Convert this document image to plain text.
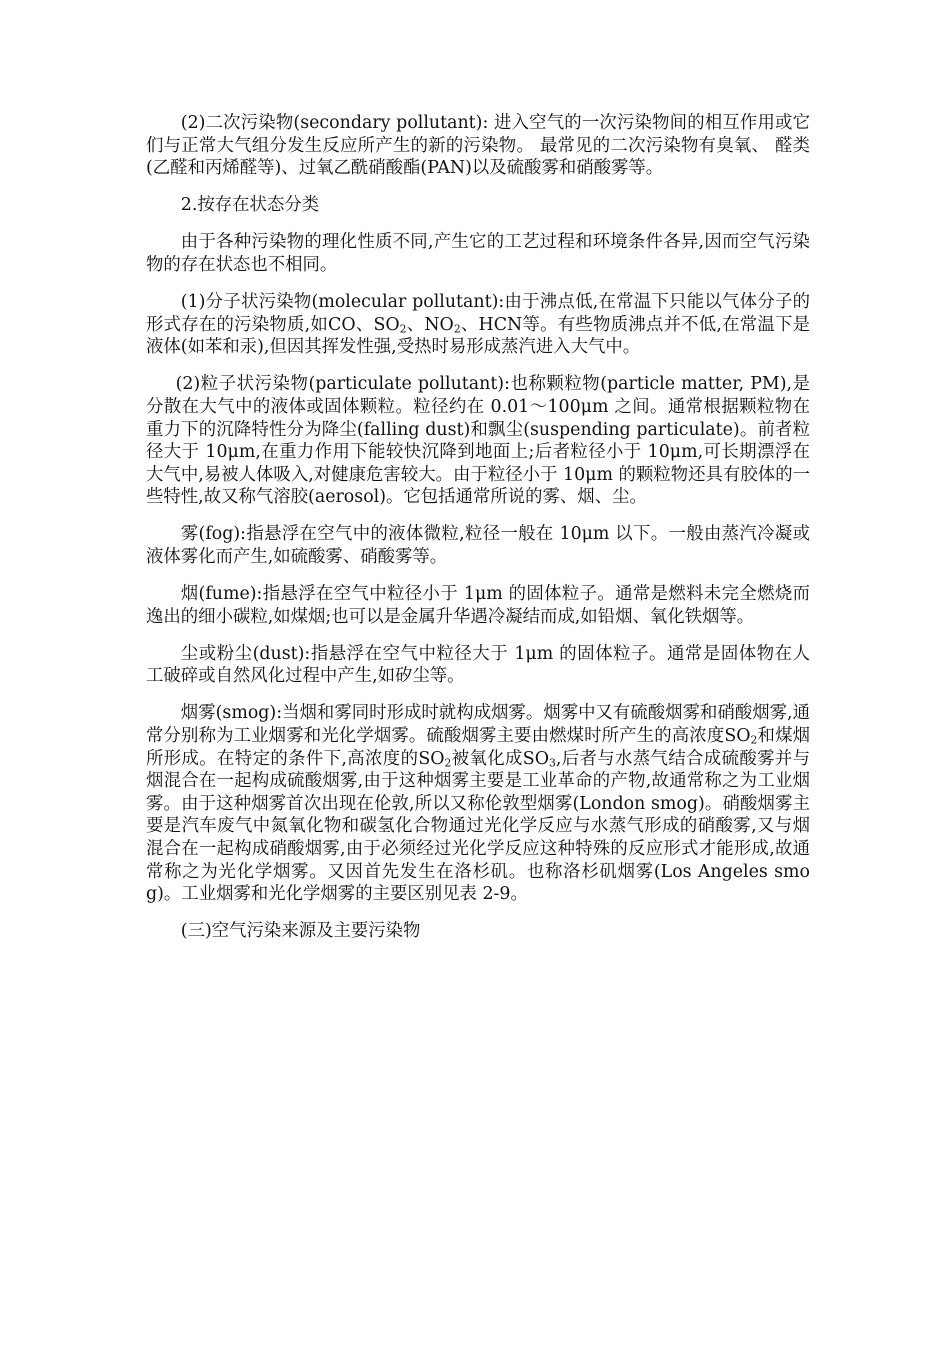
(2)二次污染物(secondary pollutant): 进入空气的一次污染物间的相互作用或它们与正常大气组分发生反应所产生的新的污染物。 最常见的二次污染物有臭氧、 醛类(乙醛和丙烯醛等)、过氧乙酰硝酸酯(PAN)以及硫酸雾和硝酸雾等。

2.按存在状态分类

由于各种污染物的理化性质不同,产生它的工艺过程和环境条件各异,因而空气污染物的存在状态也不相同。

(1)分子状污染物(molecular pollutant):由于沸点低,在常温下只能以气体分子的形式存在的污染物质,如CO、$SO_2$、$NO_2$、HCN等。有些物质沸点并不低,在常温下是液体(如苯和汞),但因其挥发性强,受热时易形成蒸汽进入大气中。

(2)粒子状污染物(particulate pollutant):也称颗粒物(particle matter, PM),是分散在大气中的液体或固体颗粒。粒径约在 0.01～100μm 之间。通常根据颗粒物在重力下的沉降特性分为降尘(falling dust)和飘尘(suspending particulate)。前者粒径大于 10μm,在重力作用下能较快沉降到地面上;后者粒径小于 10μm,可长期漂浮在大气中,易被人体吸入,对健康危害较大。由于粒径小于 10μm 的颗粒物还具有胶体的一些特性,故又称气溶胶(aerosol)。它包括通常所说的雾、烟、尘。

雾(fog):指悬浮在空气中的液体微粒,粒径一般在 10μm 以下。一般由蒸汽冷凝或液体雾化而产生,如硫酸雾、硝酸雾等。

烟(fume):指悬浮在空气中粒径小于 1μm 的固体粒子。通常是燃料未完全燃烧而逸出的细小碳粒,如煤烟;也可以是金属升华遇冷凝结而成,如铅烟、氧化铁烟等。

尘或粉尘(dust):指悬浮在空气中粒径大于 1μm 的固体粒子。通常是固体物在人工破碎或自然风化过程中产生,如矽尘等。

烟雾(smog):当烟和雾同时形成时就构成烟雾。烟雾中又有硫酸烟雾和硝酸烟雾,通常分别称为工业烟雾和光化学烟雾。硫酸烟雾主要由燃煤时所产生的高浓度$SO_2$和煤烟所形成。在特定的条件下,高浓度的$SO_2$被氧化成$SO_3$,后者与水蒸气结合成硫酸雾并与烟混合在一起构成硫酸烟雾,由于这种烟雾主要是工业革命的产物,故通常称之为工业烟雾。由于这种烟雾首次出现在伦敦,所以又称伦敦型烟雾(London smog)。硝酸烟雾主要是汽车废气中氮氧化物和碳氢化合物通过光化学反应与水蒸气形成的硝酸雾,又与烟混合在一起构成硝酸烟雾,由于必须经过光化学反应这种特殊的反应形式才能形成,故通常称之为光化学烟雾。又因首先发生在洛杉矶。也称洛杉矶烟雾(Los Angeles smog)。工业烟雾和光化学烟雾的主要区别见表 2-9。

(三)空气污染来源及主要污染物
